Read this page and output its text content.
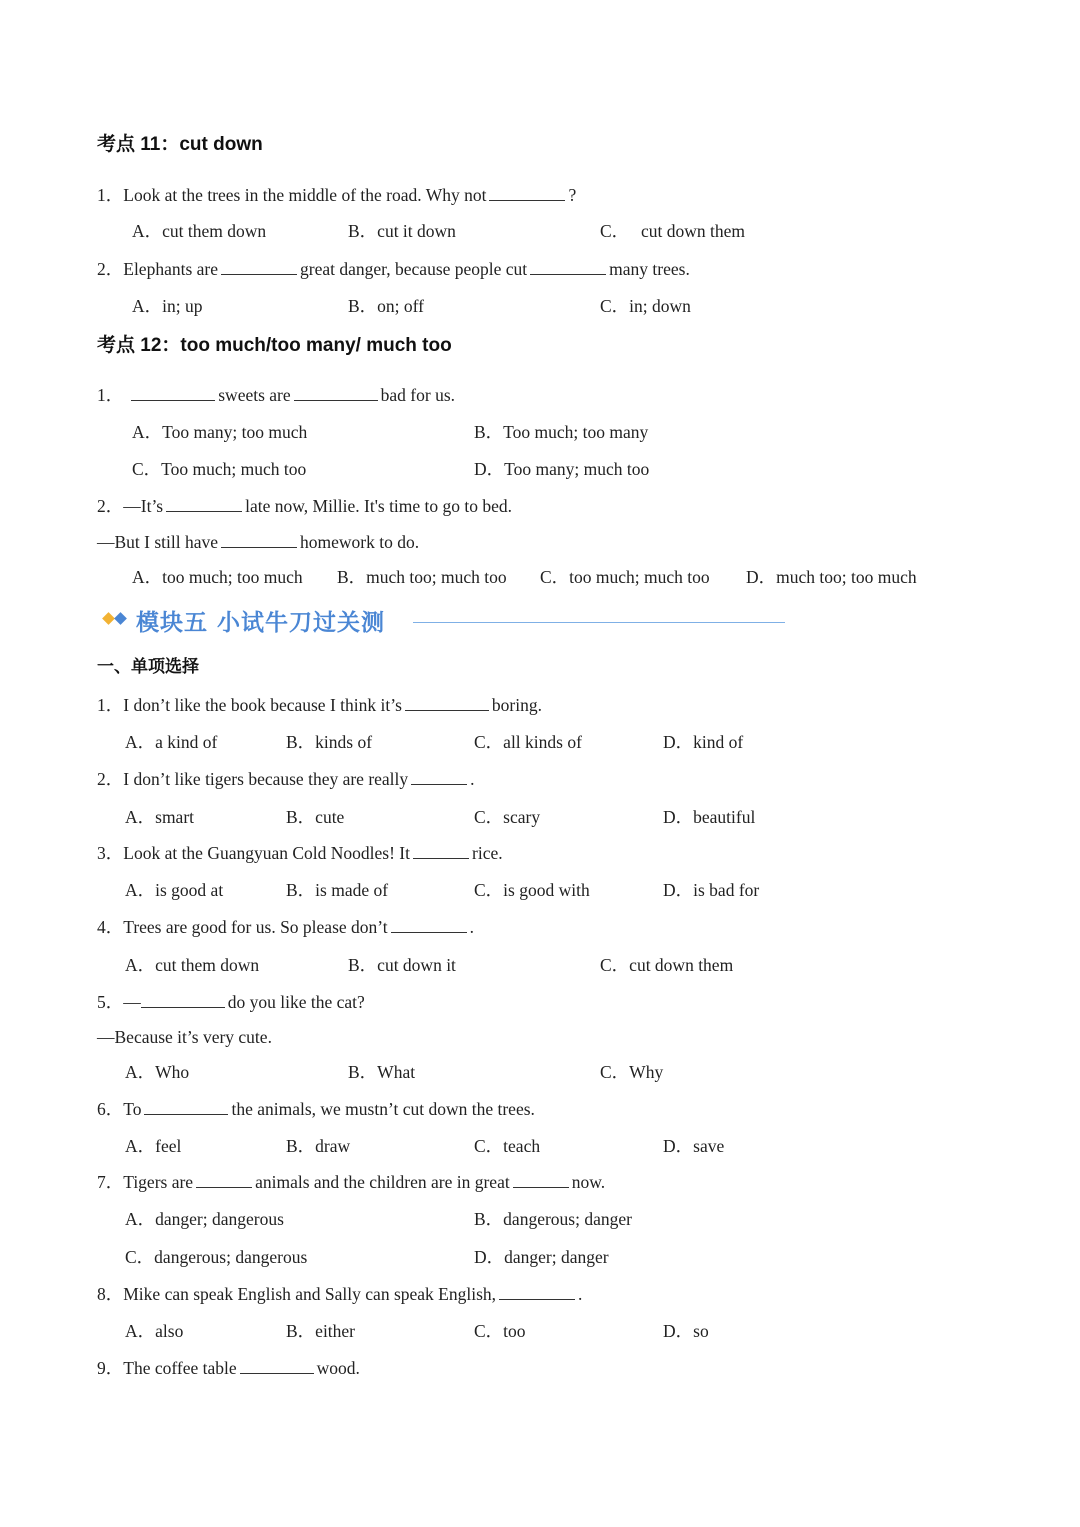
考点 11：cut down
1．Look at the trees in the middle of the road. Why not	?
A．cut them down	B．cut it down	C． cut down them
2．Elephants are	great danger, because people cut	many trees.
A．in; up	B．on; off	C．in; down
考点 12：too much/too many/ much too
1．	sweets are	bad for us.
A．Too many; too much	B．Too much; too many
C．Too much; much too	D．Too many; much too
2．—It’s	late now, Millie. It's time to go to bed.
—But I still have	homework to do.
A．too much; too much B．much too; much too C．too much; much too D．much too; too much
模块五 小试牛刀过关测
一、单项选择
1．I don’t like the book because I think it’s	boring.
A．a kind of	B．kinds of	C．all kinds of	D．kind of
2．I don’t like tigers because they are really	.
A．smart	B．cute	C．scary	D．beautiful
3．Look at the Guangyuan Cold Noodles! It	rice.
A．is good at	B．is made of	C．is good with	D．is bad for
4．Trees are good for us. So please don’t	.
A．cut them down	B．cut down it	C．cut down them
5．—	do you like the cat?
—Because it’s very cute.
A．Who	B．What	C．Why
6．To	the animals, we mustn’t cut down the trees.
A．feel	B．draw	C．teach	D．save
7．Tigers are	animals and the children are in great	now.
A．danger; dangerous	B．dangerous; danger
C．dangerous; dangerous	D．danger; danger
8．Mike can speak English and Sally can speak English,	.
A．also	B．either	C．too	D．so
9．The coffee table	wood.
